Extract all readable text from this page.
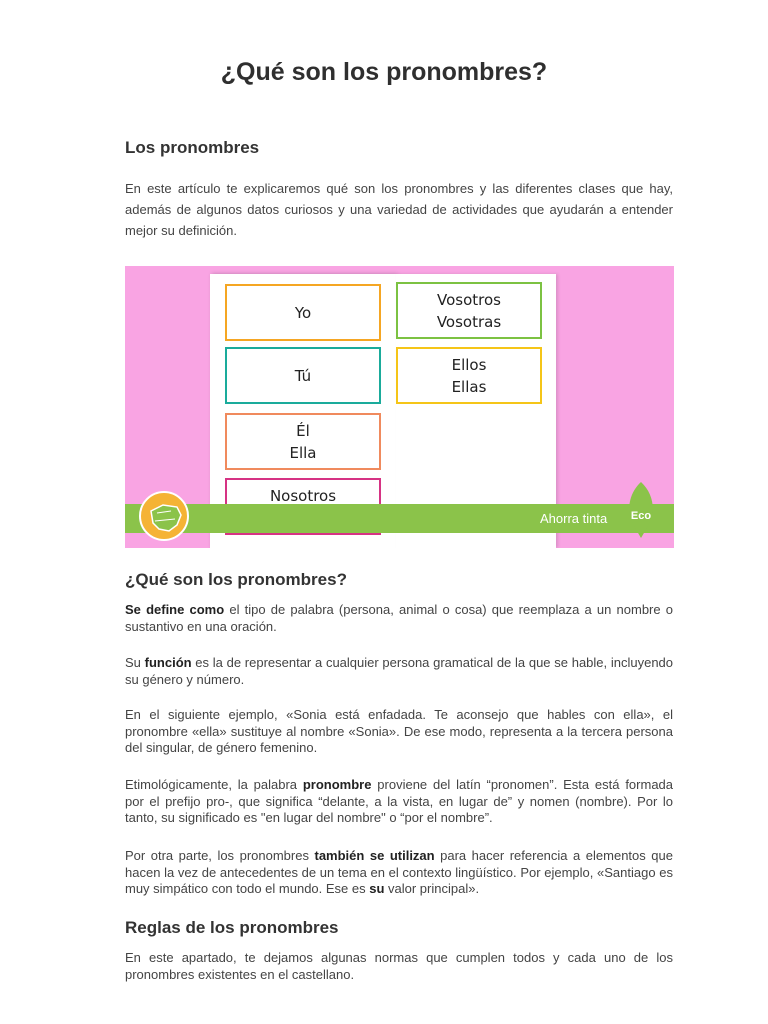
¿Qué son los pronombres?
Los pronombres

En este artículo te explicaremos qué son los pronombres y las diferentes clases que hay, además de algunos datos curiosos y una variedad de actividades que ayudarán a entender mejor su definición.

Yo
Tú
Él
Ella
Nosotros
Vosotros
Vosotras
Ellos
Ellas
Ahorra tinta	Eco
¿Qué son los pronombres?

Se define como el tipo de palabra (persona, animal o cosa) que reemplaza a un nombre o sustantivo en una oración.

Su función es la de representar a cualquier persona gramatical de la que se hable, incluyendo su género y número.

En el siguiente ejemplo, «Sonia está enfadada. Te aconsejo que hables con ella», el pronombre «ella» sustituye al nombre «Sonia». De ese modo, representa a la tercera persona del singular, de género femenino.

Etimológicamente, la palabra pronombre proviene del latín “pronomen”. Esta está formada por el prefijo pro-, que significa “delante, a la vista, en lugar de” y nomen (nombre). Por lo tanto, su significado es "en lugar del nombre" o “por el nombre”.

Por otra parte, los pronombres también se utilizan para hacer referencia a elementos que hacen la vez de antecedentes de un tema en el contexto lingüístico. Por ejemplo, «Santiago es muy simpático con todo el mundo. Ese es su valor principal».

Reglas de los pronombres

En este apartado, te dejamos algunas normas que cumplen todos y cada uno de los pronombres existentes en el castellano.
